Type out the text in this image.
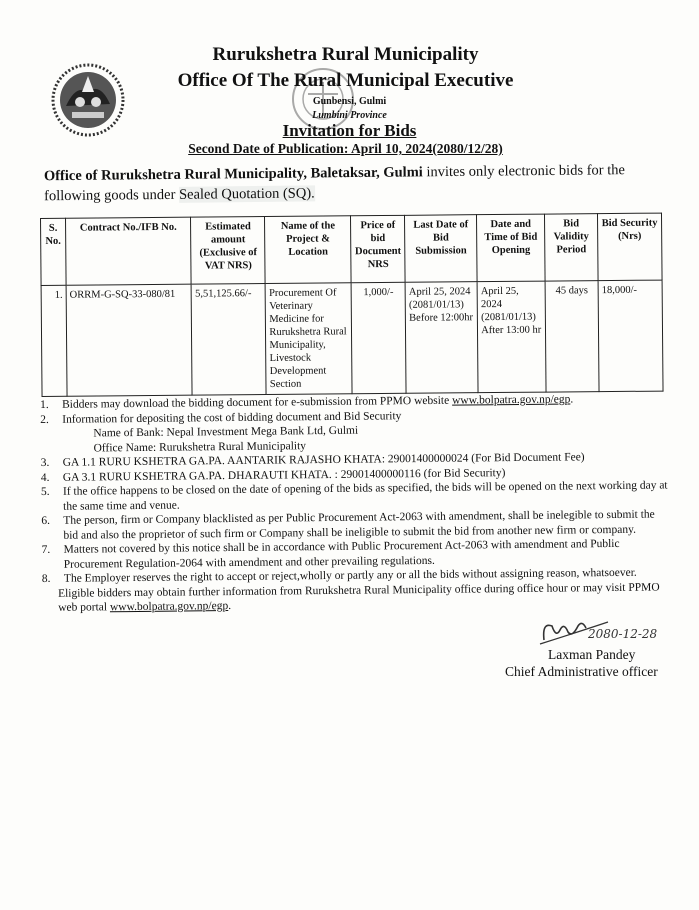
Rurukshetra Rural Municipality
Office Of The Rural Municipal Executive
Gunbensi, Gulmi
Lumbini Province
Invitation for Bids
Second Date of Publication: April 10, 2024(2080/12/28)
Office of Rurukshetra Rural Municipality, Baletaksar, Gulmi invites only electronic bids for the following goods under Sealed Quotation (SQ).
S. No.	Contract No./IFB No.	Estimated amount (Exclusive of VAT NRS)	Name of the Project & Location	Price of bid Document NRS	Last Date of Bid Submission	Date and Time of Bid Opening	Bid Validity Period	Bid Security (Nrs)
1.	ORRM-G-SQ-33-080/81	5,51,125.66/-	Procurement Of Veterinary Medicine for Rurukshetra Rural Municipality, Livestock Development Section	1,000/-	April 25, 2024 (2081/01/13) Before 12:00hr	April 25, 2024 (2081/01/13) After 13:00 hr	45 days	18,000/-

1. Bidders may download the bidding document for e-submission from PPMO website www.bolpatra.gov.np/egp.

2. Information for depositing the cost of bidding document and Bid Security

Name of Bank: Nepal Investment Mega Bank Ltd, Gulmi

Office Name: Rurukshetra Rural Municipality

3. GA 1.1 RURU KSHETRA GA.PA. AANTARIK RAJASHO KHATA: 29001400000024 (For Bid Document Fee)

4. GA 3.1 RURU KSHETRA GA.PA. DHARAUTI KHATA. : 29001400000116 (for Bid Security)

5. If the office happens to be closed on the date of opening of the bids as specified, the bids will be opened on the next working day at the same time and venue.

6. The person, firm or Company blacklisted as per Public Procurement Act-2063 with amendment, shall be inelegible to submit the bid and also the proprietor of such firm or Company shall be ineligible to submit the bid from another new firm or company.

7. Matters not covered by this notice shall be in accordance with Public Procurement Act-2063 with amendment and Public Procurement Regulation-2064 with amendment and other prevailing regulations.

8. The Employer reserves the right to accept or reject,wholly or partly any or all the bids without assigning reason, whatsoever.

Eligible bidders may obtain further information from Rurukshetra Rural Municipality office during office hour or may visit PPMO web portal www.bolpatra.gov.np/egp.

2080-12-28
Laxman Pandey
Chief Administrative officer
